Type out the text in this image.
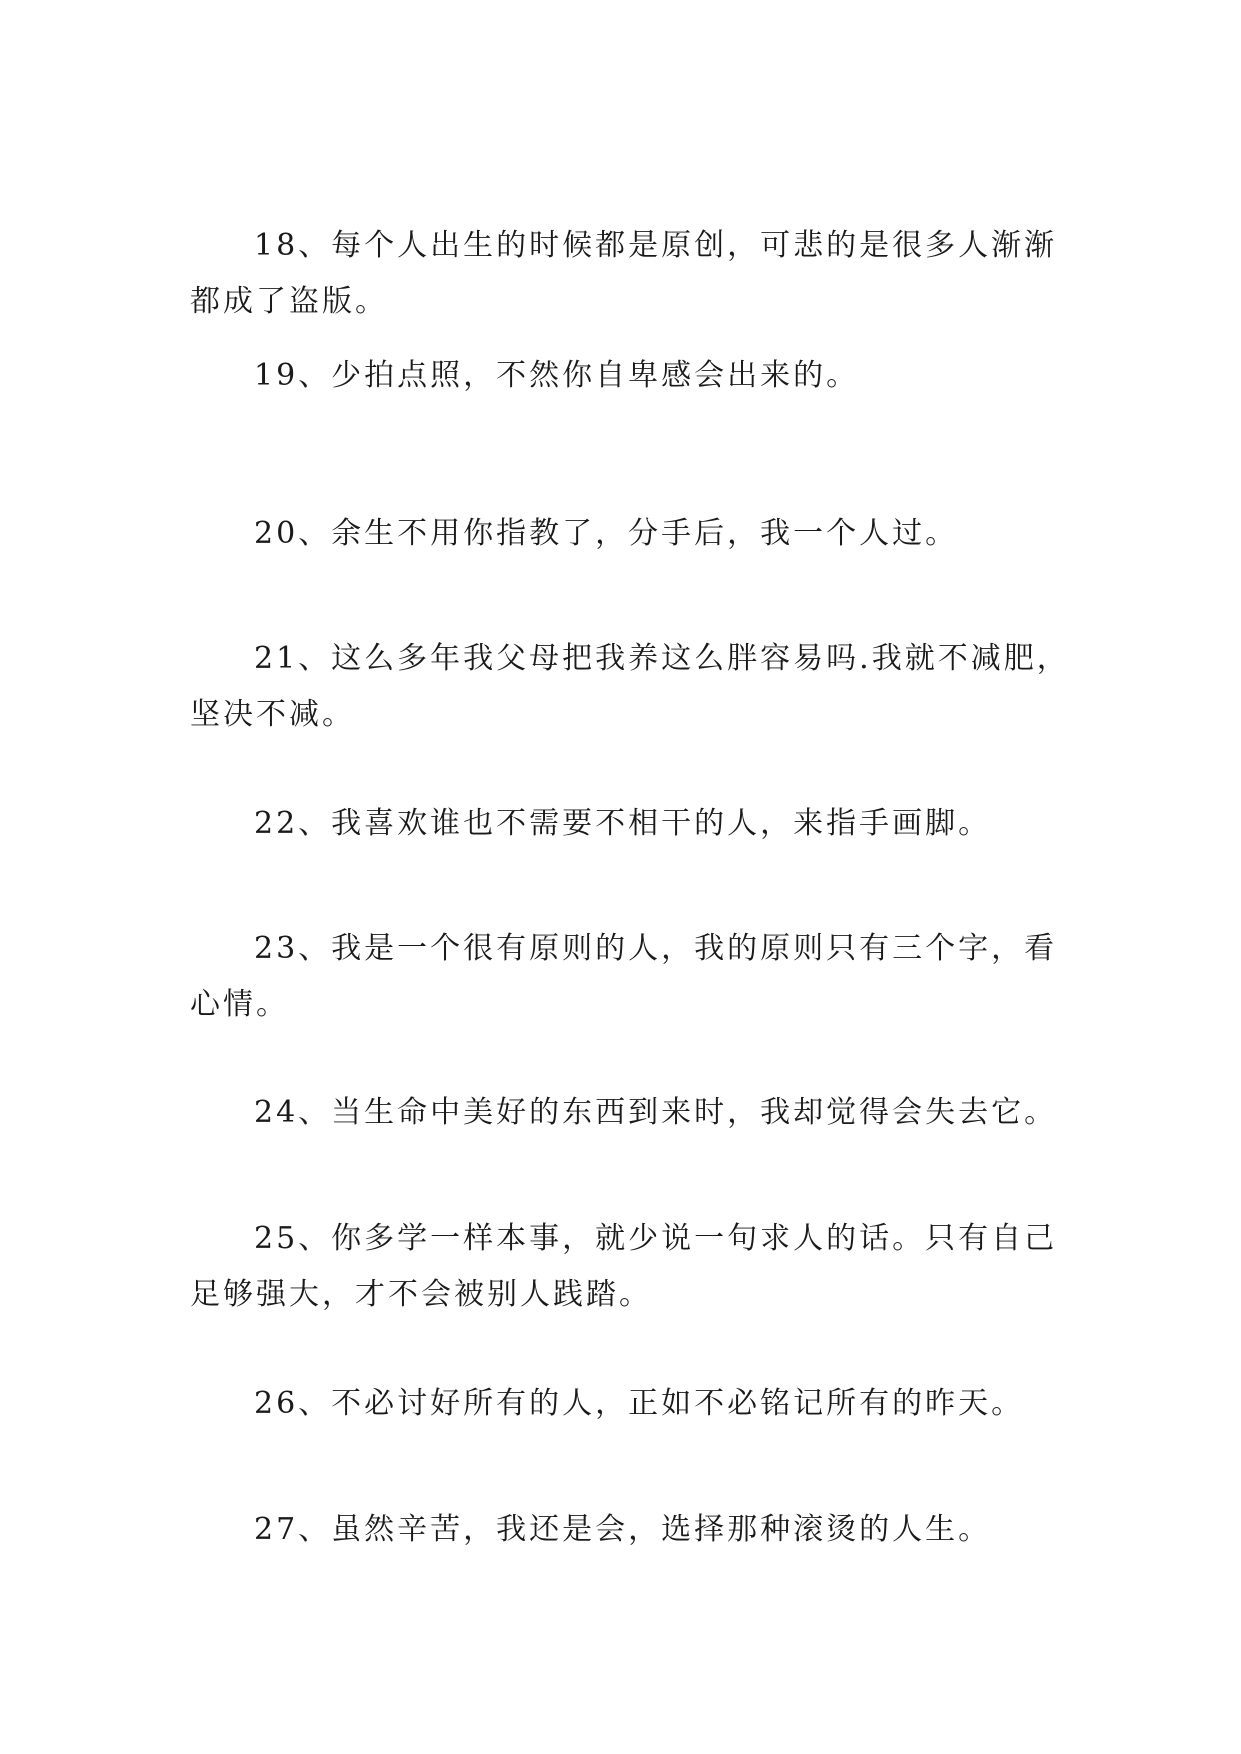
18、每个人出生的时候都是原创，可悲的是很多人渐渐都成了盗版。

19、少拍点照，不然你自卑感会出来的。

20、余生不用你指教了，分手后，我一个人过。

21、这么多年我父母把我养这么胖容易吗.我就不减肥，坚决不减。

22、我喜欢谁也不需要不相干的人，来指手画脚。

23、我是一个很有原则的人，我的原则只有三个字，看心情。

24、当生命中美好的东西到来时，我却觉得会失去它。

25、你多学一样本事，就少说一句求人的话。只有自己足够强大，才不会被别人践踏。

26、不必讨好所有的人，正如不必铭记所有的昨天。

27、虽然辛苦，我还是会，选择那种滚烫的人生。
